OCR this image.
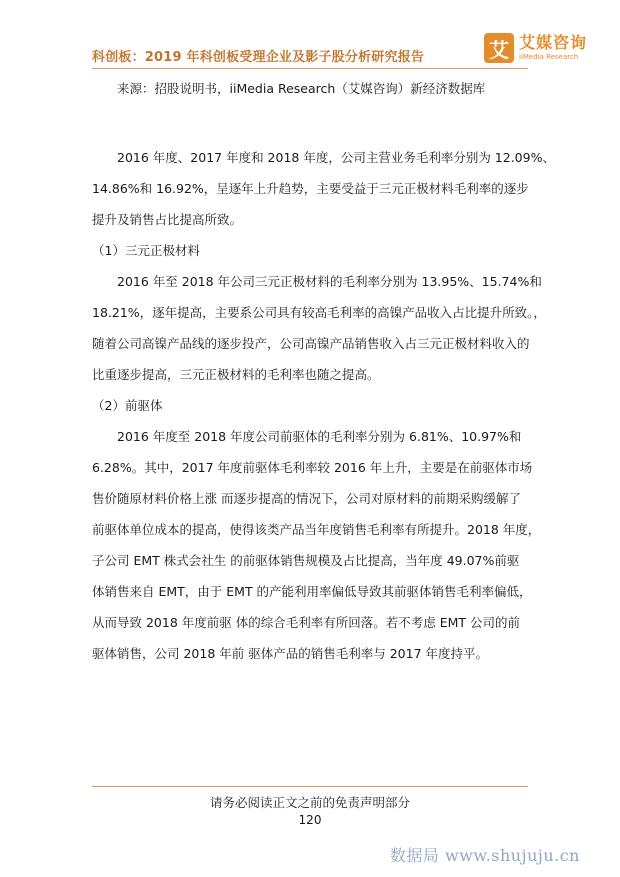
科创板：2019 年科创板受理企业及影子股分析研究报告	艾 艾媒咨询
iiMedia Research
来源：招股说明书，iiMedia Research（艾媒咨询）新经济数据库
2016 年度、2017 年度和 2018 年度，公司主营业务毛利率分别为 12.09%、
14.86%和 16.92%，呈逐年上升趋势，主要受益于三元正极材料毛利率的逐步
提升及销售占比提高所致。
（1）三元正极材料
2016 年至 2018 年公司三元正极材料的毛利率分别为 13.95%、15.74%和
18.21%，逐年提高，主要系公司具有较高毛利率的高镍产品收入占比提升所致。，
随着公司高镍产品线的逐步投产，公司高镍产品销售收入占三元正极材料收入的
比重逐步提高，三元正极材料的毛利率也随之提高。
（2）前驱体
2016 年度至 2018 年度公司前驱体的毛利率分别为 6.81%、10.97%和
6.28%。其中，2017 年度前驱体毛利率较 2016 年上升，主要是在前驱体市场
售价随原材料价格上涨 而逐步提高的情况下，公司对原材料的前期采购缓解了
前驱体单位成本的提高，使得该类产品当年度销售毛利率有所提升。2018 年度，
子公司 EMT 株式会社生 的前驱体销售规模及占比提高，当年度 49.07%前驱
体销售来自 EMT，由于 EMT 的产能利用率偏低导致其前驱体销售毛利率偏低，
从而导致 2018 年度前驱 体的综合毛利率有所回落。若不考虑 EMT 公司的前
驱体销售，公司 2018 年前 驱体产品的销售毛利率与 2017 年度持平。
请务必阅读正文之前的免责声明部分
120
数据局 www.shujuju.cn
